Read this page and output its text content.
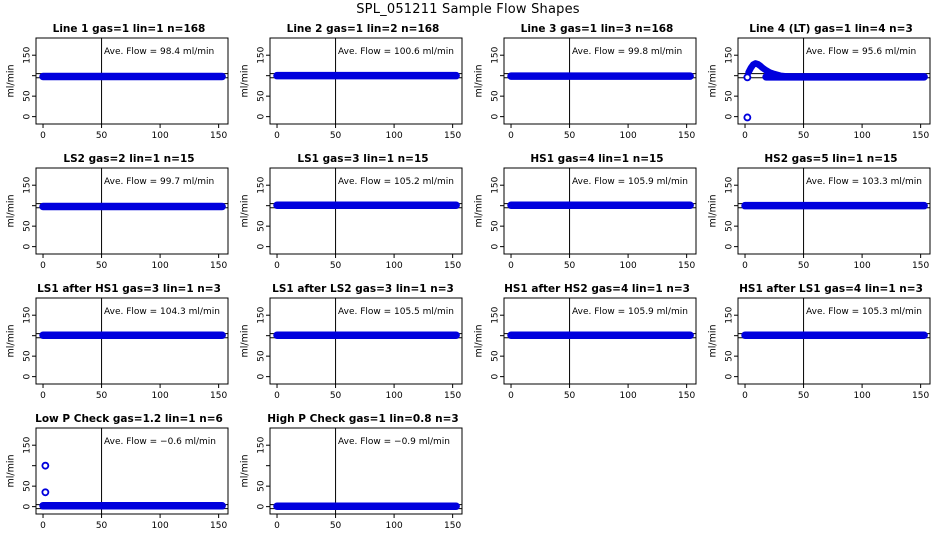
SPL_051211 Sample Flow Shapes
0	50	100	150
0
50
150
ml/min
Line 1 gas=1 lin=1 n=168
Ave. Flow = 98.4 ml/min
0	50	100	150
0
50
150
ml/min
Line 2 gas=1 lin=2 n=168
Ave. Flow = 100.6 ml/min
0	50	100	150
0
50
150
ml/min
Line 3 gas=1 lin=3 n=168
Ave. Flow = 99.8 ml/min
0	50	100	150
0
50
150
ml/min
Line 4 (LT) gas=1 lin=4 n=3
Ave. Flow = 95.6 ml/min
0	50	100	150
0
50
150
ml/min
LS2 gas=2 lin=1 n=15
Ave. Flow = 99.7 ml/min
0	50	100	150
0
50
150
ml/min
LS1 gas=3 lin=1 n=15
Ave. Flow = 105.2 ml/min
0	50	100	150
0
50
150
ml/min
HS1 gas=4 lin=1 n=15
Ave. Flow = 105.9 ml/min
0	50	100	150
0
50
150
ml/min
HS2 gas=5 lin=1 n=15
Ave. Flow = 103.3 ml/min
0	50	100	150
0
50
150
ml/min
LS1 after HS1 gas=3 lin=1 n=3
Ave. Flow = 104.3 ml/min
0	50	100	150
0
50
150
ml/min
LS1 after LS2 gas=3 lin=1 n=3
Ave. Flow = 105.5 ml/min
0	50	100	150
0
50
150
ml/min
HS1 after HS2 gas=4 lin=1 n=3
Ave. Flow = 105.9 ml/min
0	50	100	150
0
50
150
ml/min
HS1 after LS1 gas=4 lin=1 n=3
Ave. Flow = 105.3 ml/min
0	50	100	150
0
50
150
ml/min
Low P Check gas=1.2 lin=1 n=6
Ave. Flow = −0.6 ml/min
0	50	100	150
0
50
150
ml/min
High P Check gas=1 lin=0.8 n=3
Ave. Flow = −0.9 ml/min
